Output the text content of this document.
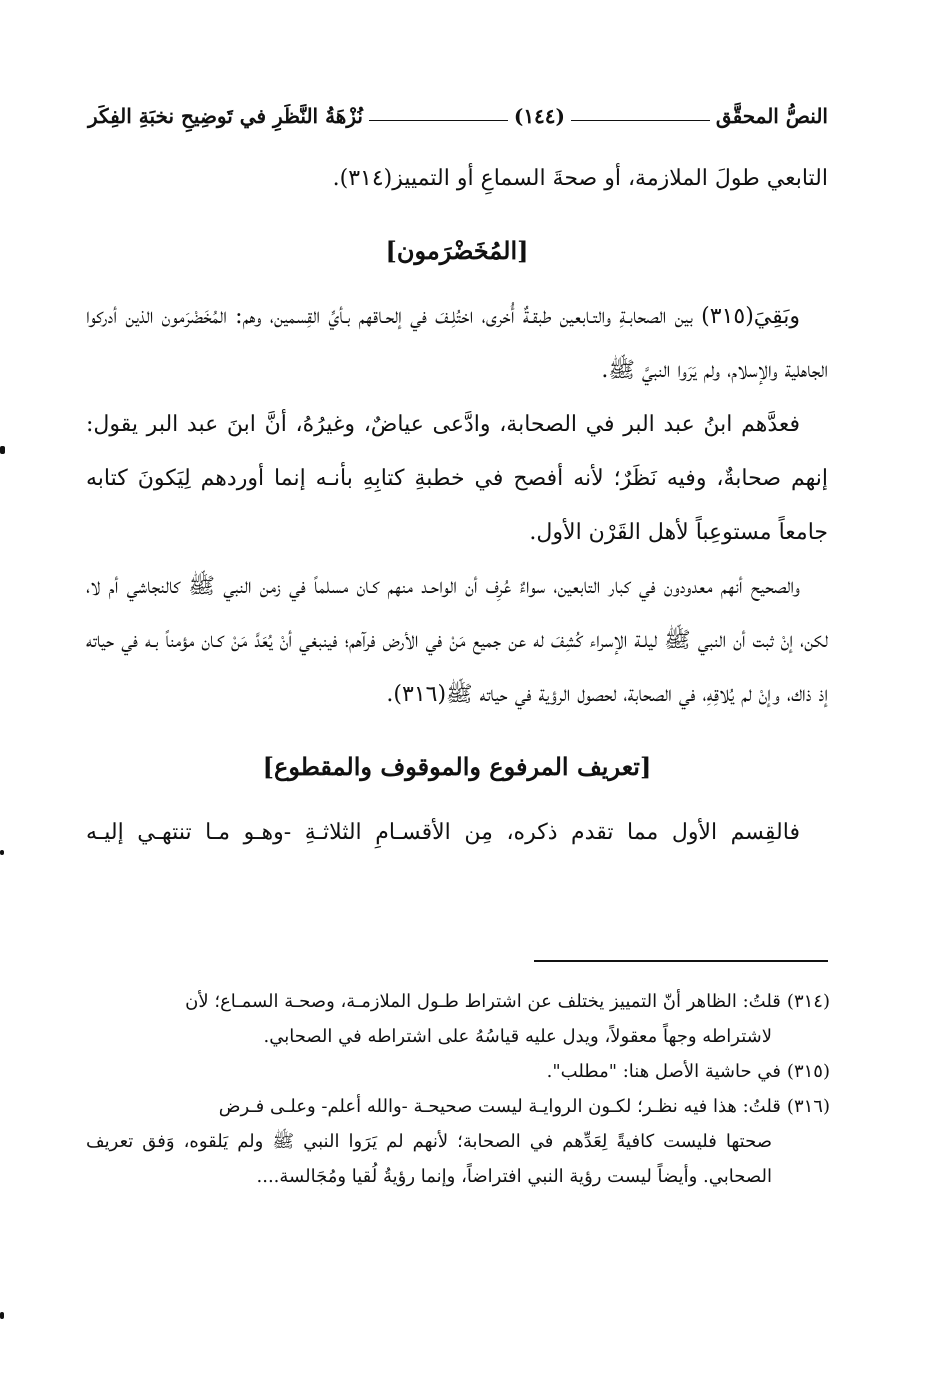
النصُّ المحقَّق
(١٤٤)
نُزْهَةُ النَّظَرِ في تَوضِيحِ نخبَةِ الفِكَر

التابعي طولَ الملازمة، أو صحةَ السماعِ أو التمييز(٣١٤).

[المُخَضْرَمون]

وبَقِيَ(٣١٥) بين الصحابـةِ والتـابعين طبقـةٌ أُخرى، اختُلِـفَ في إلحـاقهم بـأيِّ القِسمين، وهم: المُخَضْرَمون الذين أدركوا الجاهلية والإسلام، ولم يَرَوا النبيَّ ﷺ.

فعدَّهم ابنُ عبد البر في الصحابة، وادَّعى عياضٌ، وغيرُهُ، أنَّ ابنَ عبد البر يقول: إنهم صحابةٌ، وفيه نَظَرٌ؛ لأنه أفصح في خطبةِ كتابِهِ بأنـه إنما أوردهم لِيَكونَ كتابه جامعاً مستوعِباً لأهل القَرْن الأول.

والصحيح أنهم معدودون في كبار التابعين، سواءٌ عُرِف أن الواحـد منهم كـان مسلماً في زمن النبي ﷺ كالنجاشي أم لا، لكن، إنْ ثبت أن النبي ﷺ ليلـة الإسراء كُشِفَ له عن جميع مَنْ في الأرض فرآهم؛ فينبغي أنْ يُعَدَّ مَنْ كـان مؤمناً بـه في حياته إذ ذاك، وإنْ لم يُلاقِهِ، في الصحابة، لحصول الرؤية في حياته ﷺ(٣١٦).

[تعريف المرفوع والموقوف والمقطوع]

فالقِسم الأول مما تقدم ذكره، مِن الأقسـامِ الثلاثـةِ -وهـو مـا تنتهـي إليـه

(٣١٤)قلتُ: الظاهر أنّ التمييز يختلف عن اشتراط طـول الملازمـة، وصحـة السمـاع؛ لأن
لاشتراطه وجهاً معقولاً، ويدل عليه قياسُهُ على اشتراطه في الصحابي.

(٣١٥)في حاشية الأصل هنا: "مطلب".

(٣١٦)قلتُ: هذا فيه نظـر؛ لكـون الروايـة ليست صحيحـة -والله أعلم- وعلـى فـرض
صحتها فليست كافيةً لِعَدِّهم في الصحابة؛ لأنهم لم يَرَوا النبي ﷺ ولم يَلقوه، وَفق تعريف الصحابي. وأيضاً ليست رؤية النبي افتراضاً، وإنما رؤيةُ لُقيا ومُجَالسة....
